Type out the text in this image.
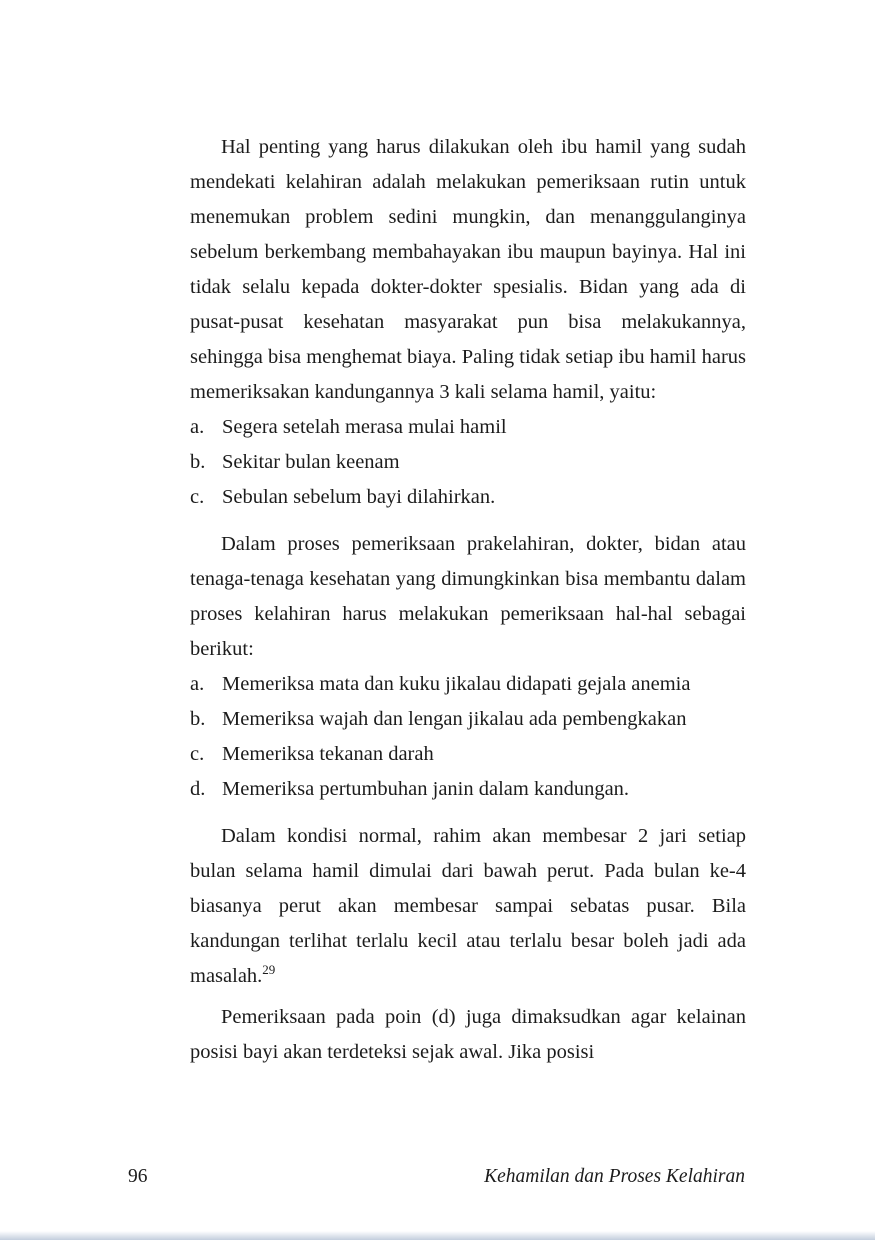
Hal penting yang harus dilakukan oleh ibu hamil yang sudah mendekati kelahiran adalah melakukan pemeriksaan rutin untuk menemukan problem sedini mungkin, dan menanggulanginya sebelum berkembang membahayakan ibu maupun bayinya. Hal ini tidak selalu kepada dokter-dokter spesialis. Bidan yang ada di pusat-pusat kesehatan masyarakat pun bisa melakukannya, sehingga bisa menghemat biaya. Paling tidak setiap ibu hamil harus memeriksakan kandungannya 3 kali selama hamil, yaitu:

a. Segera setelah merasa mulai hamil
b. Sekitar bulan keenam
c. Sebulan sebelum bayi dilahirkan.

Dalam proses pemeriksaan prakelahiran, dokter, bidan atau tenaga-tenaga kesehatan yang dimungkinkan bisa membantu dalam proses kelahiran harus melakukan pemeriksaan hal-hal sebagai berikut:

a. Memeriksa mata dan kuku jikalau didapati gejala anemia
b. Memeriksa wajah dan lengan jikalau ada pembengkakan
c. Memeriksa tekanan darah
d. Memeriksa pertumbuhan janin dalam kandungan.

Dalam kondisi normal, rahim akan membesar 2 jari setiap bulan selama hamil dimulai dari bawah perut. Pada bulan ke-4 biasanya perut akan membesar sampai sebatas pusar. Bila kandungan terlihat terlalu kecil atau terlalu besar boleh jadi ada masalah.$^{29}$

Pemeriksaan pada poin (d) juga dimaksudkan agar kelainan posisi bayi akan terdeteksi sejak awal. Jika posisi

96	Kehamilan dan Proses Kelahiran
